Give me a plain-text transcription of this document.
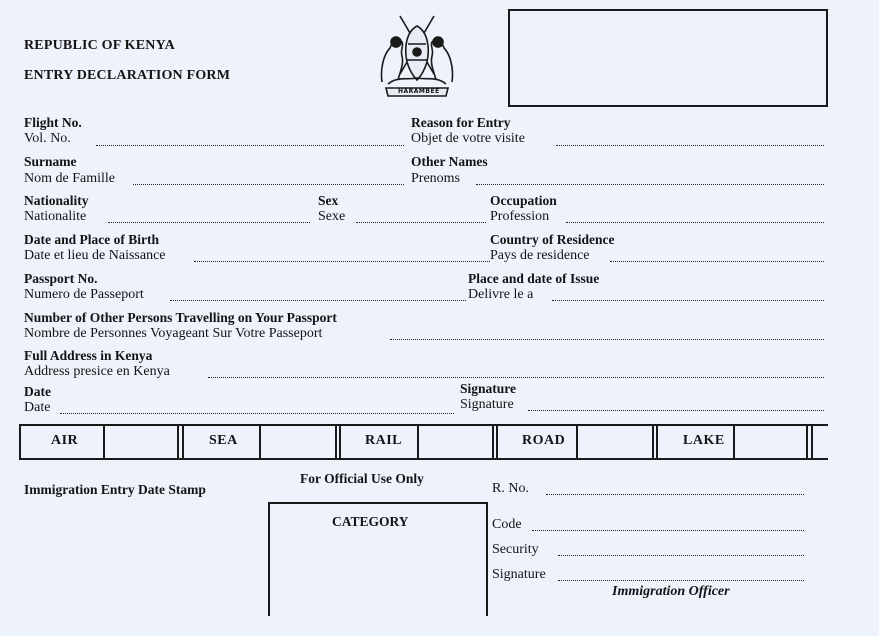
REPUBLIC OF KENYA
ENTRY DECLARATION FORM
HARAMBEE
Flight No.
Vol. No.
Reason for Entry
Objet de votre visite
Surname
Nom de Famille
Other Names
Prenoms
Nationality
Nationalite
Sex
Sexe
Occupation
Profession
Date and Place of Birth
Date et lieu de Naissance
Country of Residence
Pays de residence
Passport No.
Numero de Passeport
Place and date of Issue
Delivre le a
Number of Other Persons Travelling on Your Passport
Nombre de Personnes Voyageant Sur Votre Passeport
Full Address in Kenya
Address presice en Kenya
Date
Date
Signature
Signature
AIR	SEA	RAIL	ROAD	LAKE
Immigration Entry Date Stamp
For Official Use Only
CATEGORY
R. No.
Code
Security
Signature
Immigration Officer
